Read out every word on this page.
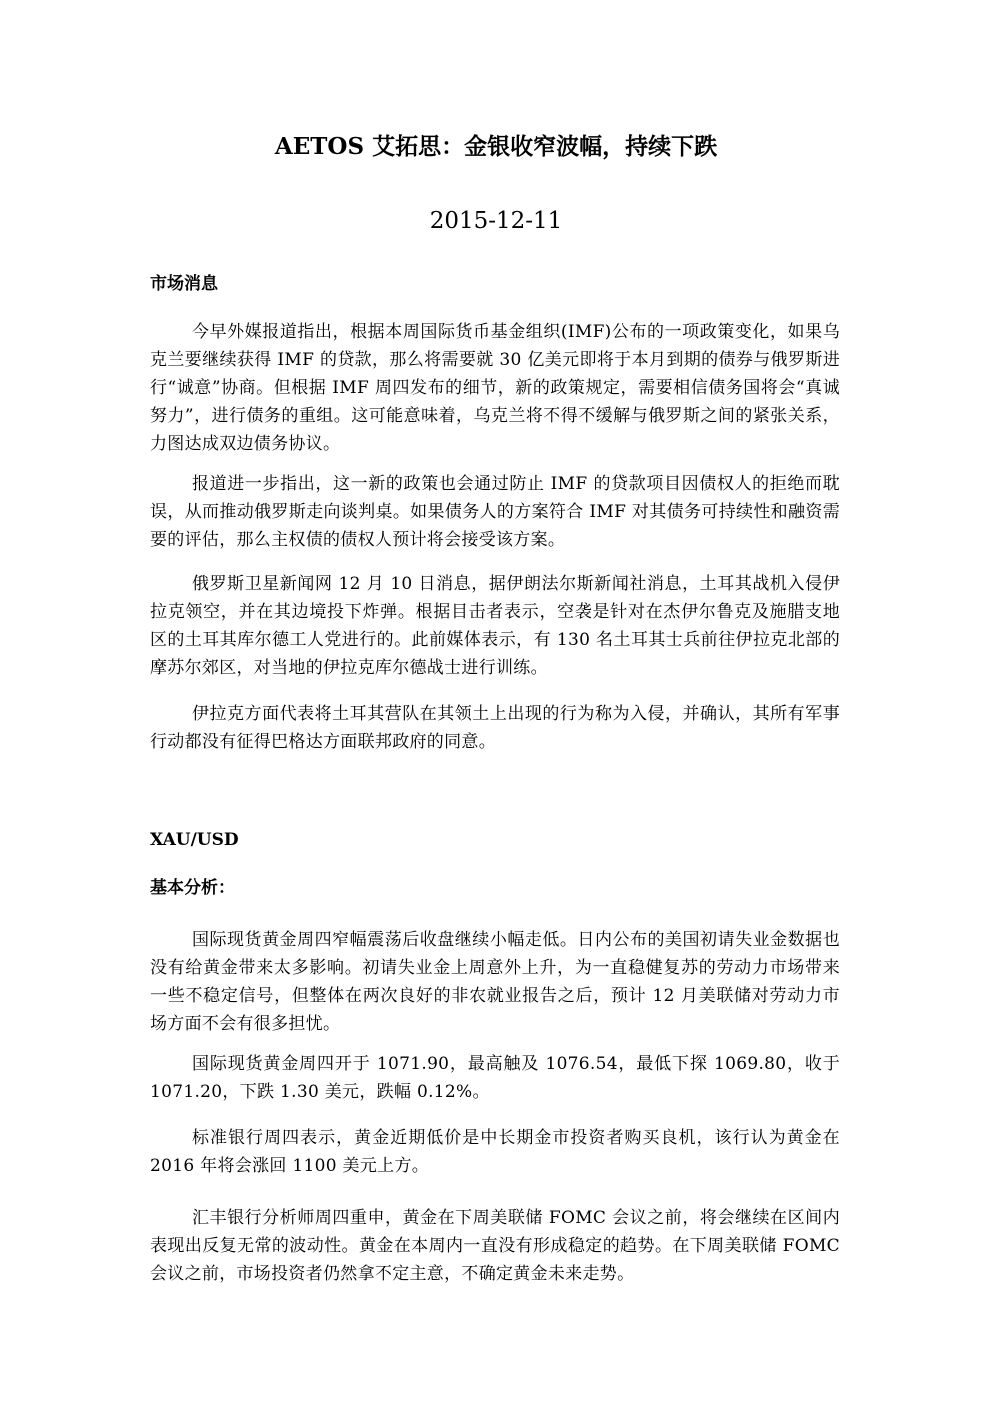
AETOS 艾拓思：金银收窄波幅，持续下跌
2015-12-11
市场消息
今早外媒报道指出，根据本周国际货币基金组织(IMF)公布的一项政策变化，如果乌克兰要继续获得 IMF 的贷款，那么将需要就 30 亿美元即将于本月到期的债券与俄罗斯进行“诚意”协商。但根据 IMF 周四发布的细节，新的政策规定，需要相信债务国将会“真诚努力”，进行债务的重组。这可能意味着，乌克兰将不得不缓解与俄罗斯之间的紧张关系，力图达成双边债务协议。
报道进一步指出，这一新的政策也会通过防止 IMF 的贷款项目因债权人的拒绝而耽误，从而推动俄罗斯走向谈判桌。如果债务人的方案符合 IMF 对其债务可持续性和融资需要的评估，那么主权债的债权人预计将会接受该方案。
俄罗斯卫星新闻网 12 月 10 日消息，据伊朗法尔斯新闻社消息，土耳其战机入侵伊拉克领空，并在其边境投下炸弹。根据目击者表示，空袭是针对在杰伊尔鲁克及施腊支地区的土耳其库尔德工人党进行的。此前媒体表示，有 130 名土耳其士兵前往伊拉克北部的摩苏尔郊区，对当地的伊拉克库尔德战士进行训练。
伊拉克方面代表将土耳其营队在其领土上出现的行为称为入侵，并确认，其所有军事行动都没有征得巴格达方面联邦政府的同意。
XAU/USD
基本分析：
国际现货黄金周四窄幅震荡后收盘继续小幅走低。日内公布的美国初请失业金数据也没有给黄金带来太多影响。初请失业金上周意外上升，为一直稳健复苏的劳动力市场带来一些不稳定信号，但整体在两次良好的非农就业报告之后，预计 12 月美联储对劳动力市场方面不会有很多担忧。
国际现货黄金周四开于 1071.90，最高触及 1076.54，最低下探 1069.80，收于 1071.20，下跌 1.30 美元，跌幅 0.12%。
标准银行周四表示，黄金近期低价是中长期金市投资者购买良机，该行认为黄金在 2016 年将会涨回 1100 美元上方。
汇丰银行分析师周四重申，黄金在下周美联储 FOMC 会议之前，将会继续在区间内表现出反复无常的波动性。黄金在本周内一直没有形成稳定的趋势。在下周美联储 FOMC 会议之前，市场投资者仍然拿不定主意，不确定黄金未来走势。
